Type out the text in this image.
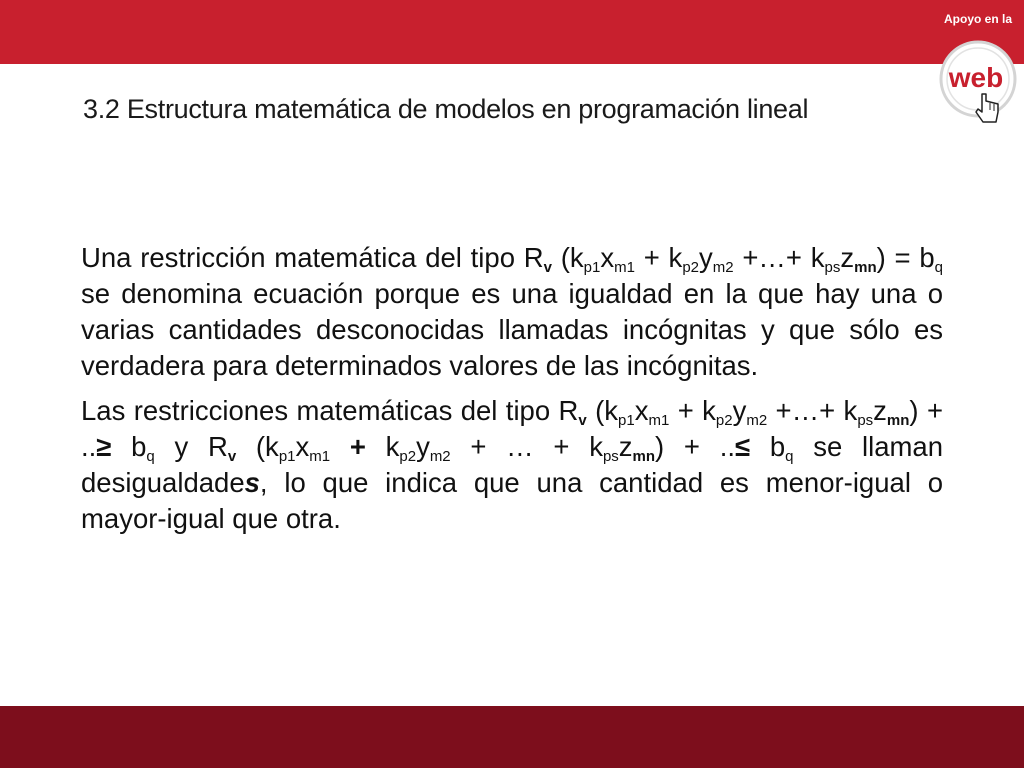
Apoyo en la
web
3.2 Estructura matemática de modelos en programación lineal

Una restricción matemática del tipo $R_v$ ($k_{p1}x_{m1} + k_{p2}y_{m2}$ +…+ $k_{ps}z_{mn}) = b_q$ se denomina ecuación porque es una igualdad en la que hay una o varias cantidades desconocidas llamadas incógnitas y que sólo es verdadera para determinados valores de las incógnitas.

Las restricciones matemáticas del tipo $R_v$ ($k_{p1}x_{m1} + k_{p2}y_{m2}$ +…+ $k_{ps}z_{mn}$) + ..≥ $b_q$ y $R_v$ ($k_{p1}x_{m1} + k_{p2}y_{m2}$ + … + $k_{ps}z_{mn}$) + ..≤ $b_q$ se llaman desigualdades, lo que indica que una cantidad es menor-igual o mayor-igual que otra.
